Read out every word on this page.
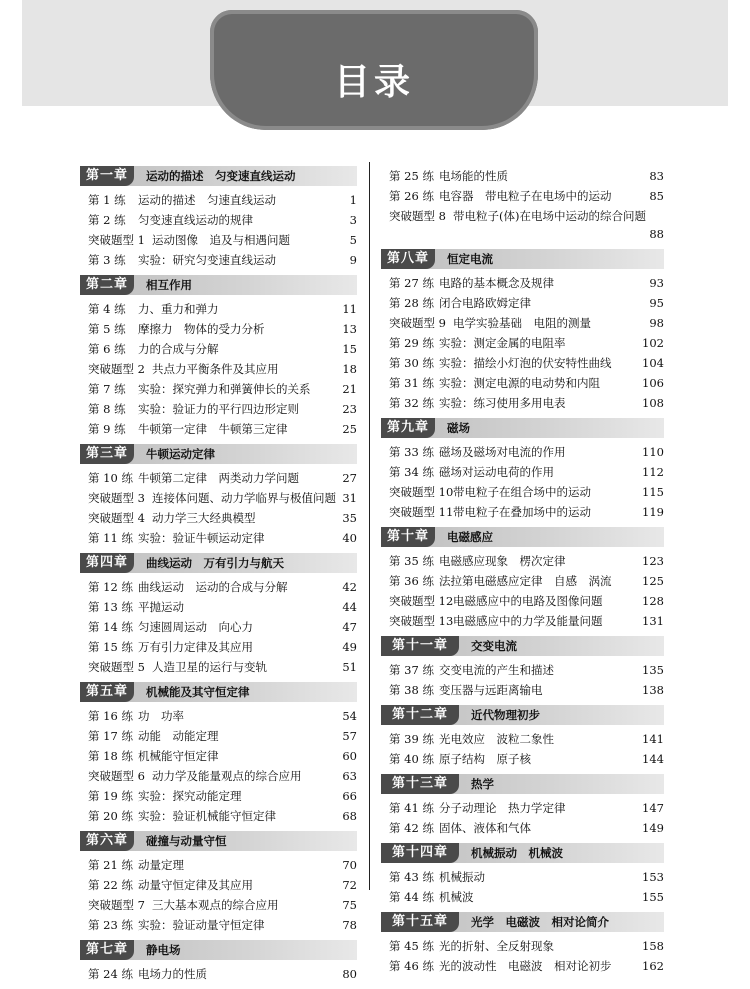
目录
第一章	运动的描述　匀变速直线运动
第 1 练 运动的描述　匀速直线运动	1
第 2 练 匀变速直线运动的规律	3
突破题型 1 运动图像　追及与相遇问题	5
第 3 练 实验：研究匀变速直线运动	9
第二章	相互作用
第 4 练 力、重力和弹力	11
第 5 练 摩擦力　物体的受力分析	13
第 6 练 力的合成与分解	15
突破题型 2 共点力平衡条件及其应用	18
第 7 练 实验：探究弹力和弹簧伸长的关系	21
第 8 练 实验：验证力的平行四边形定则	23
第 9 练 牛顿第一定律　牛顿第三定律	25
第三章	牛顿运动定律
第 10 练 牛顿第二定律　两类动力学问题	27
突破题型 3 连接体问题、动力学临界与极值问题 31
突破题型 4 动力学三大经典模型	35
第 11 练 实验：验证牛顿运动定律	40
第四章	曲线运动　万有引力与航天
第 12 练 曲线运动　运动的合成与分解	42
第 13 练 平抛运动	44
第 14 练 匀速圆周运动　向心力	47
第 15 练 万有引力定律及其应用	49
突破题型 5 人造卫星的运行与变轨	51
第五章	机械能及其守恒定律
第 16 练 功　功率	54
第 17 练 动能　动能定理	57
第 18 练 机械能守恒定律	60
突破题型 6 动力学及能量观点的综合应用	63
第 19 练 实验：探究动能定理	66
第 20 练 实验：验证机械能守恒定律	68
第六章	碰撞与动量守恒
第 21 练 动量定理	70
第 22 练 动量守恒定律及其应用	72
突破题型 7 三大基本观点的综合应用	75
第 23 练 实验：验证动量守恒定律	78
第七章	静电场
第 24 练 电场力的性质	80
第 25 练 电场能的性质	83
第 26 练 电容器　带电粒子在电场中的运动	85
突破题型 8 带电粒子(体)在电场中运动的综合问题
88
第八章	恒定电流
第 27 练 电路的基本概念及规律	93
第 28 练 闭合电路欧姆定律	95
突破题型 9 电学实验基础　电阻的测量	98
第 29 练 实验：测定金属的电阻率	102
第 30 练 实验：描绘小灯泡的伏安特性曲线	104
第 31 练 实验：测定电源的电动势和内阻	106
第 32 练 实验：练习使用多用电表	108
第九章	磁场
第 33 练 磁场及磁场对电流的作用	110
第 34 练 磁场对运动电荷的作用	112
突破题型 10 带电粒子在组合场中的运动	115
突破题型 11 带电粒子在叠加场中的运动	119
第十章	电磁感应
第 35 练 电磁感应现象　楞次定律	123
第 36 练 法拉第电磁感应定律　自感　涡流	125
突破题型 12 电磁感应中的电路及图像问题	128
突破题型 13 电磁感应中的力学及能量问题	131
第十一章	交变电流
第 37 练 交变电流的产生和描述	135
第 38 练 变压器与远距离输电	138
第十二章	近代物理初步
第 39 练 光电效应　波粒二象性	141
第 40 练 原子结构　原子核	144
第十三章	热学
第 41 练 分子动理论　热力学定律	147
第 42 练 固体、液体和气体	149
第十四章	机械振动　机械波
第 43 练 机械振动	153
第 44 练 机械波	155
第十五章	光学　电磁波　相对论简介
第 45 练 光的折射、全反射现象	158
第 46 练 光的波动性　电磁波　相对论初步	162
